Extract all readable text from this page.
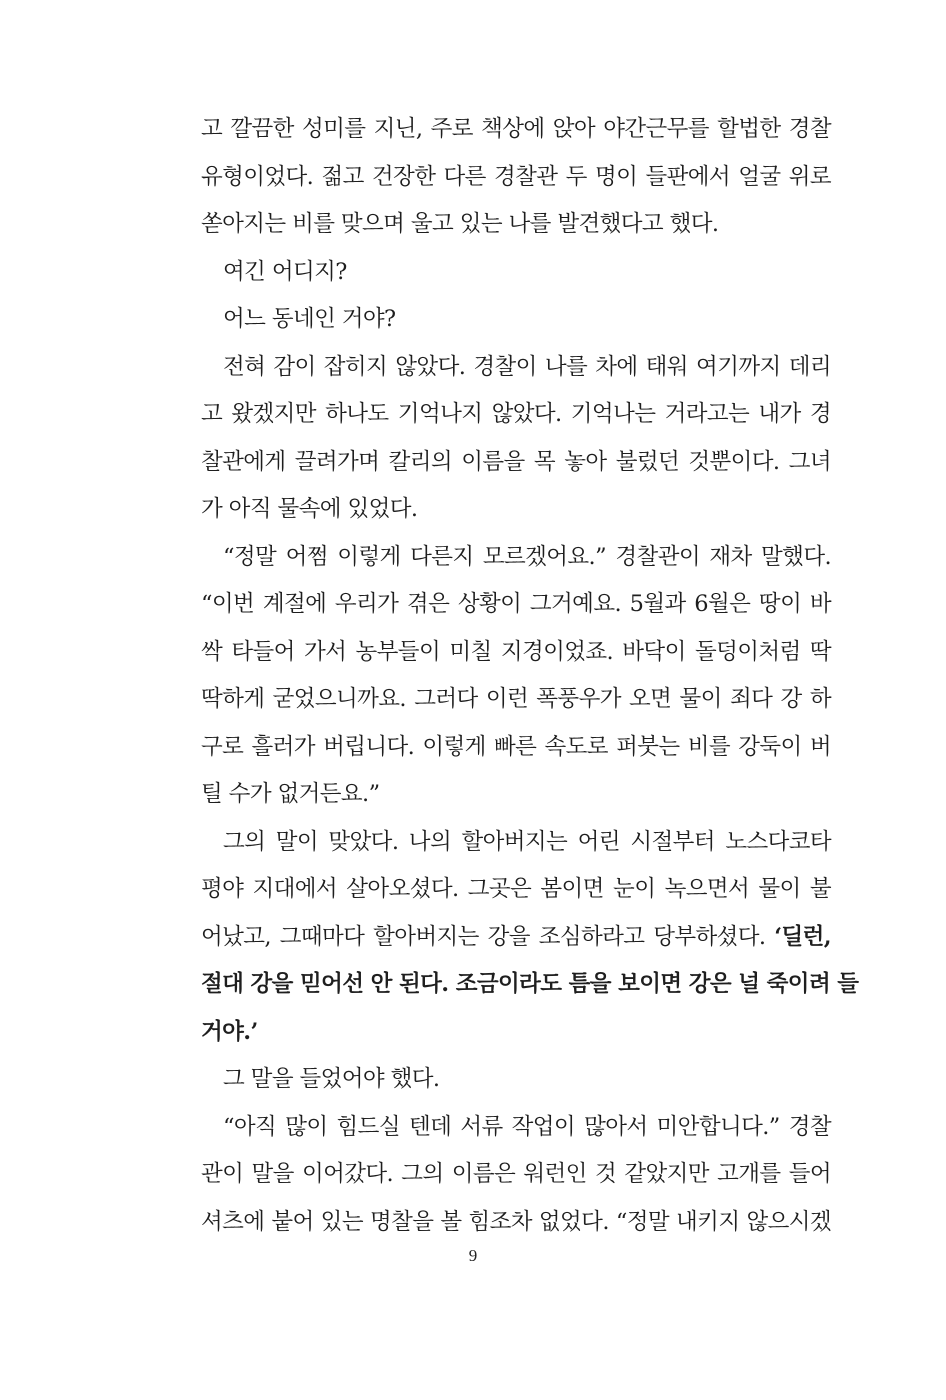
고 깔끔한 성미를 지닌, 주로 책상에 앉아 야간근무를 할법한 경찰
유형이었다. 젊고 건장한 다른 경찰관 두 명이 들판에서 얼굴 위로
쏟아지는 비를 맞으며 울고 있는 나를 발견했다고 했다.
여긴 어디지?
어느 동네인 거야?
전혀 감이 잡히지 않았다. 경찰이 나를 차에 태워 여기까지 데리
고 왔겠지만 하나도 기억나지 않았다. 기억나는 거라고는 내가 경
찰관에게 끌려가며 칼리의 이름을 목 놓아 불렀던 것뿐이다. 그녀
가 아직 물속에 있었다.
“정말 어쩜 이렇게 다른지 모르겠어요.” 경찰관이 재차 말했다.
“이번 계절에 우리가 겪은 상황이 그거예요. 5월과 6월은 땅이 바
싹 타들어 가서 농부들이 미칠 지경이었죠. 바닥이 돌덩이처럼 딱
딱하게 굳었으니까요. 그러다 이런 폭풍우가 오면 물이 죄다 강 하
구로 흘러가 버립니다. 이렇게 빠른 속도로 퍼붓는 비를 강둑이 버
틸 수가 없거든요.”
그의 말이 맞았다. 나의 할아버지는 어린 시절부터 노스다코타
평야 지대에서 살아오셨다. 그곳은 봄이면 눈이 녹으면서 물이 불
어났고, 그때마다 할아버지는 강을 조심하라고 당부하셨다. ‘딜런,
절대 강을 믿어선 안 된다. 조금이라도 틈을 보이면 강은 널 죽이려 들
거야.’
그 말을 들었어야 했다.
“아직 많이 힘드실 텐데 서류 작업이 많아서 미안합니다.” 경찰
관이 말을 이어갔다. 그의 이름은 워런인 것 같았지만 고개를 들어
셔츠에 붙어 있는 명찰을 볼 힘조차 없었다. “정말 내키지 않으시겠
9
